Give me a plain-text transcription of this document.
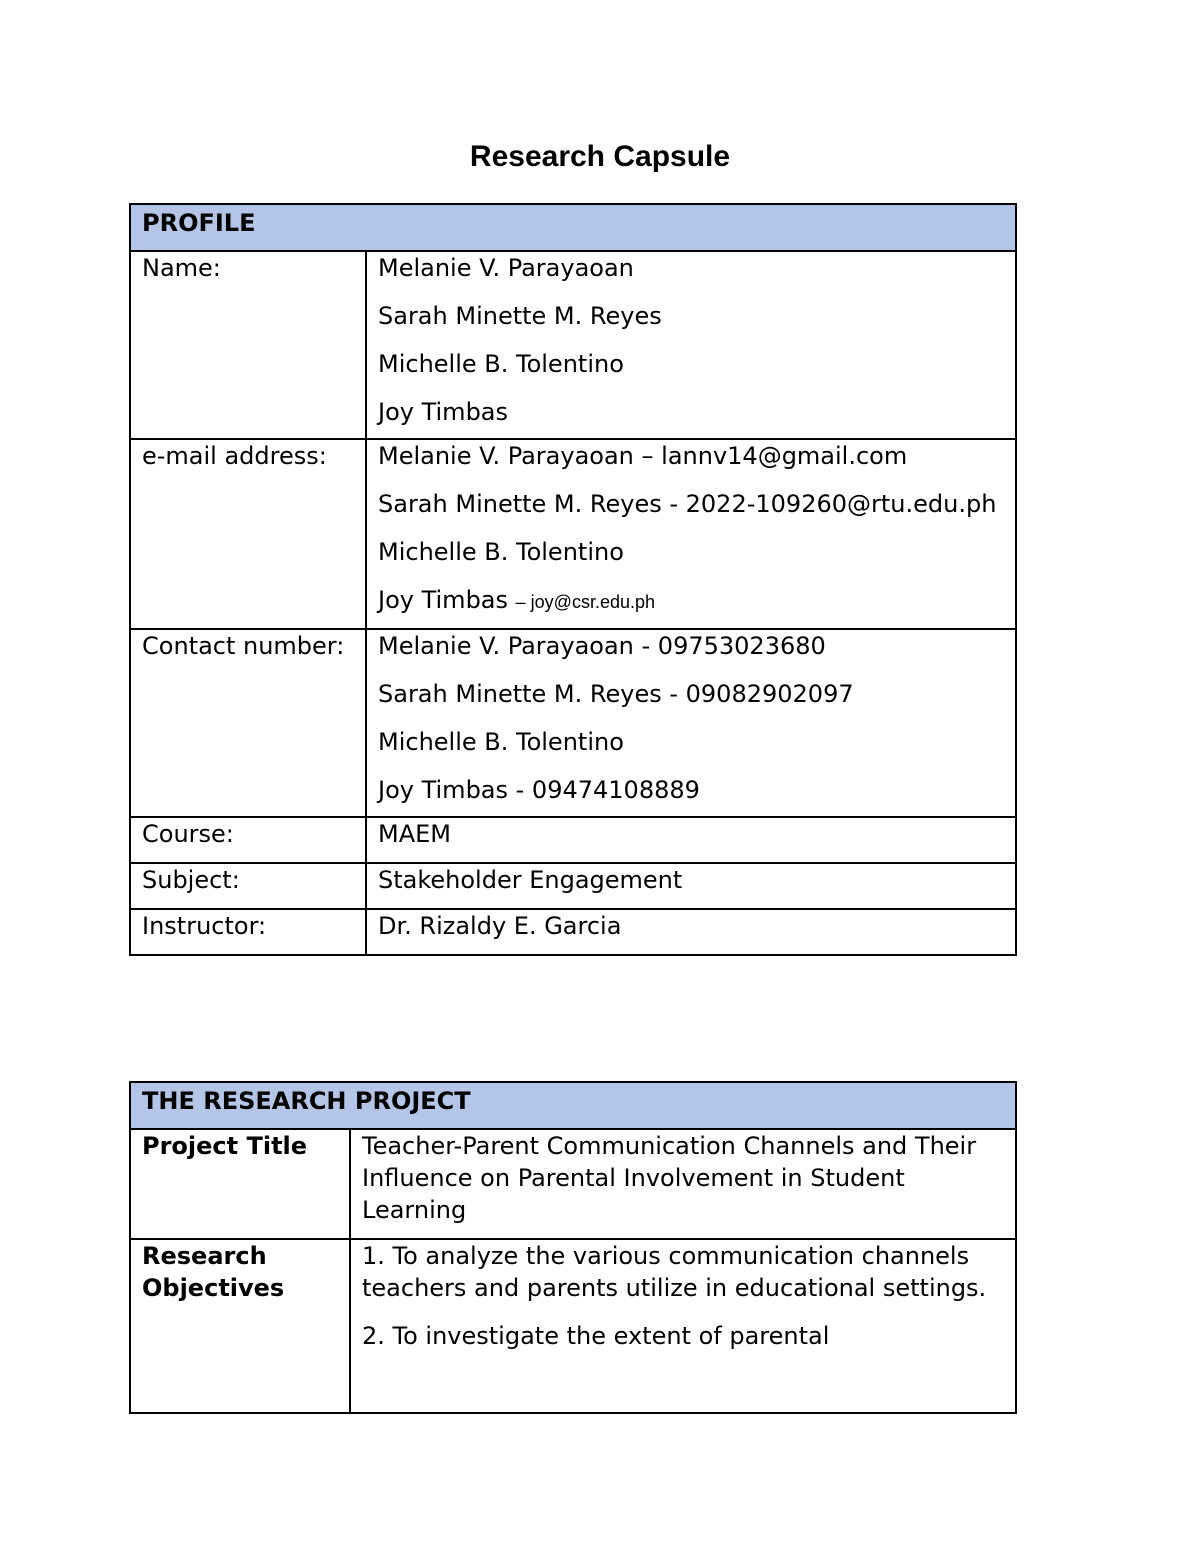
Research Capsule
PROFILE	
Name:	Melanie V. Parayaoan
Sarah Minette M. Reyes
Michelle B. Tolentino
Joy Timbas

e-mail address:	Melanie V. Parayaoan – lannv14@gmail.com
Sarah Minette M. Reyes - 2022-109260@rtu.edu.ph
Michelle B. Tolentino
Joy Timbas – joy@csr.edu.ph

Contact number:	Melanie V. Parayaoan - 09753023680
Sarah Minette M. Reyes - 09082902097
Michelle B. Tolentino
Joy Timbas - 09474108889

Course:	MAEM
Subject:	Stakeholder Engagement
Instructor:	Dr. Rizaldy E. Garcia
THE RESEARCH PROJECT	
Project Title	Teacher-Parent Communication Channels and Their Influence on Parental Involvement in Student Learning
Research Objectives	1. To analyze the various communication channels teachers and parents utilize in educational settings.
2. To investigate the extent of parental
